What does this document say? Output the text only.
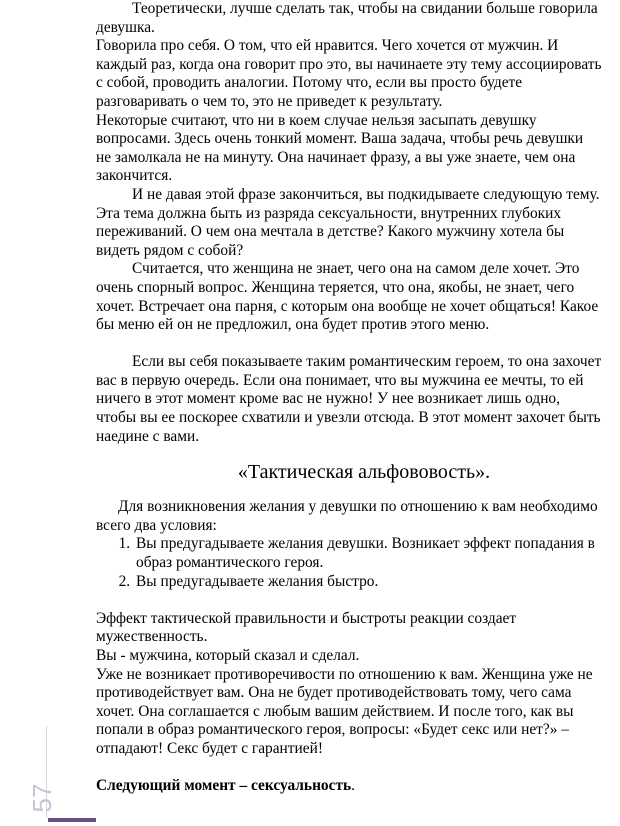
Теоретически, лучше сделать так, чтобы на свидании больше говорила девушка.

Говорила про себя. О том, что ей нравится. Чего хочется от мужчин. И каждый раз, когда она говорит про это, вы начинаете эту тему ассоциировать с собой, проводить аналогии. Потому что, если вы просто будете разговаривать о чем то, это не приведет к результату.

Некоторые считают, что ни в коем случае нельзя засыпать девушку вопросами. Здесь очень тонкий момент. Ваша задача, чтобы речь девушки не замолкала не на минуту. Она начинает фразу, а вы уже знаете, чем она закончится.

И не давая этой фразе закончиться, вы подкидываете следующую тему. Эта тема должна быть из разряда сексуальности, внутренних глубоких переживаний. О чем она мечтала в детстве? Какого мужчину хотела бы видеть рядом с собой?

Считается, что женщина не знает, чего она на самом деле хочет. Это очень спорный вопрос. Женщина теряется, что она, якобы, не знает, чего хочет. Встречает она парня, с которым она вообще не хочет общаться! Какое бы меню ей он не предложил, она будет против этого меню.

Если вы себя показываете таким романтическим героем, то она захочет вас в первую очередь. Если она понимает, что вы мужчина ее мечты, то ей ничего в этот момент кроме вас не нужно! У нее возникает лишь одно, чтобы вы ее поскорее схватили и увезли отсюда. В этот момент захочет быть наедине с вами.

«Тактическая альфововость».

Для возникновения желания у девушки по отношению к вам необходимо всего два условия:

1. Вы предугадываете желания девушки. Возникает эффект попадания в образ романтического героя.
2. Вы предугадываете желания быстро.

Эффект тактической правильности и быстроты реакции создает мужественность.

Вы - мужчина, который сказал и сделал.

Уже не возникает противоречивости по отношению к вам. Женщина уже не противодействует вам. Она не будет противодействовать тому, чего сама хочет. Она соглашается с любым вашим действием. И после того, как вы попали в образ романтического героя, вопросы: «Будет секс или нет?» – отпадают! Секс будет с гарантией!

Следующий момент – сексуальность.

57
